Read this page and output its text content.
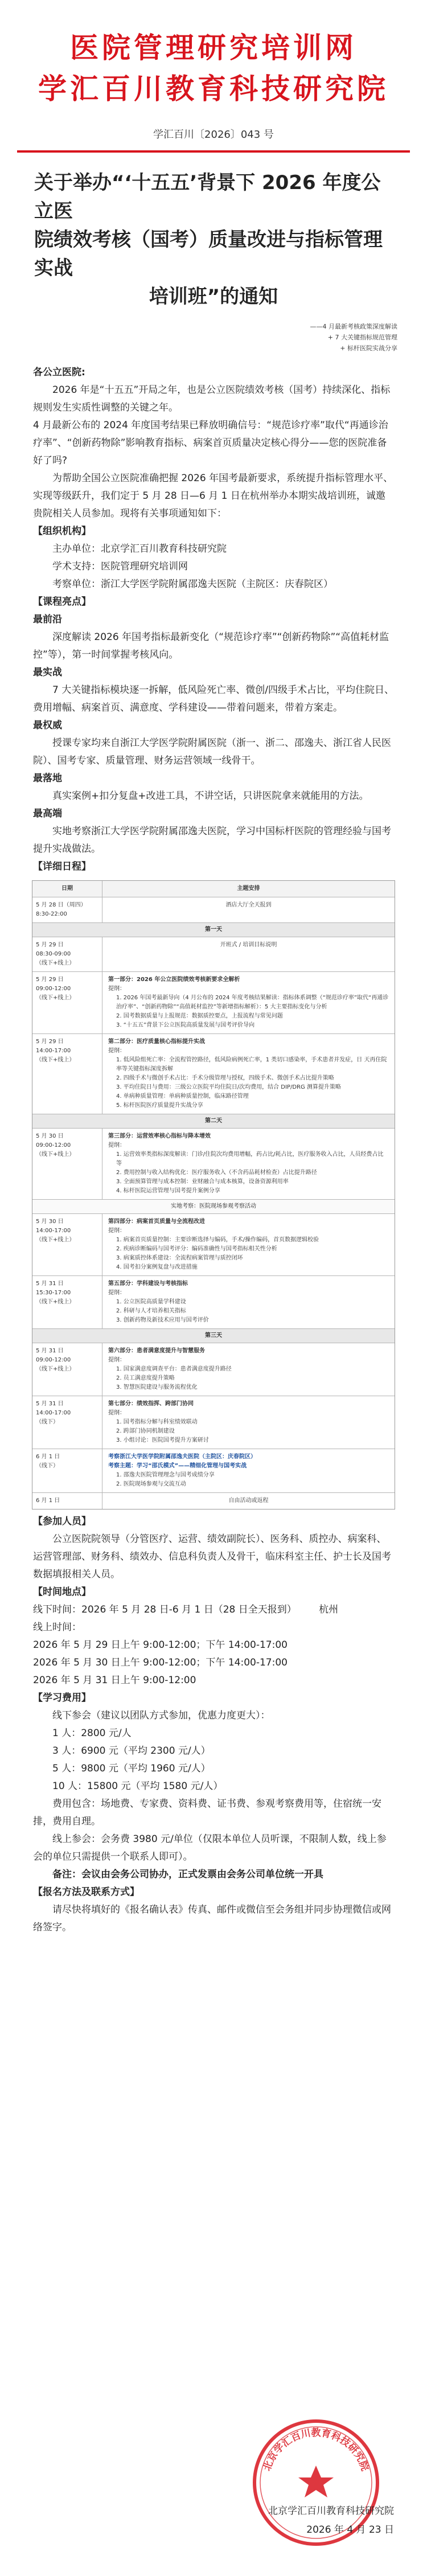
医院管理研究培训网
学汇百川教育科技研究院
学汇百川〔2026〕043 号
关于举办“‘十五五’背景下 2026 年度公立医
院绩效考核（国考）质量改进与指标管理实战
培训班”的通知
——4 月最新考核政策深度解读
+ 7 大关键指标规范管理
+ 标杆医院实战分享

各公立医院:

2026 年是“十五五”开局之年，也是公立医院绩效考核（国考）持续深化、指标规则发生实质性调整的关键之年。

4 月最新公布的 2024 年度国考结果已释放明确信号：“规范诊疗率”取代“再通诊治疗率”、“创新药物除”影响教育指标、病案首页质量决定核心得分——您的医院准备好了吗?

为帮助全国公立医院准确把握 2026 年国考最新要求，系统提升指标管理水平、实现等级跃升，我们定于 5 月 28 日—6 月 1 日在杭州举办本期实战培训班，诚邀贵院相关人员参加。现将有关事项通知如下：

【组织机构】

主办单位：北京学汇百川教育科技研究院

学术支持：医院管理研究培训网

考察单位：浙江大学医学院附属邵逸夫医院（主院区：庆春院区）

【课程亮点】

最前沿

深度解读 2026 年国考指标最新变化（“规范诊疗率”“创新药物除”“高值耗材监控”等），第一时间掌握考核风向。

最实战

7 大关键指标模块逐一拆解，低风险死亡率、微创/四级手术占比，平均住院日、费用增幅、病案首页、满意度、学科建设——带着问题来，带着方案走。

最权威

授课专家均来自浙江大学医学院附属医院（浙一、浙二、邵逸夫、浙江省人民医院）、国考专家、质量管理、财务运营领域一线骨干。

最落地

真实案例+扣分复盘+改进工具，不讲空话，只讲医院拿来就能用的方法。

最高端

实地考察浙江大学医学院附属邵逸夫医院，学习中国标杆医院的管理经验与国考提升实战做法。

【详细日程】

日期	主题安排
5 月 28 日（周四）
8:30-22:00
酒店大厅全天报到
第一天
5 月 29 日
08:30-09:00
（线下+线上）
开班式 / 培训目标说明
5 月 29 日
09:00-12:00
（线下+线上）
第一部分：2026 年公立医院绩效考核新要求全解析
提纲：
1. 2026 年国考最新导向（4 月公布的 2024 年度考核结果解读：指标体系调整（“规范诊疗率”取代“再通诊治疗率”、“创新药物除”“高值耗材监控”等新增指标解析）：5 大主要指标变化与分析
2. 国考数据质量与上报规范：数据质控要点，上报流程与常见问题
3. “十五五”背景下公立医院高质量发展与国考评价导向
5 月 29 日
14:00-17:00
（线下+线上）
第二部分：医疗质量核心指标提升实战
提纲：
1. 低风险组死亡率：全流程管控路径，低风险病例死亡率，1 类切口感染率，手术患者并发症，日 天再住院率等关键指标深度拆解
2. 四级手术与微创手术占比：手术分级管理与授权，四级手术、微创手术占比提升策略
3. 平均住院日与费用：三级公立医院平均住院日/次均费用，结合 DIP/DRG 测算提升策略
4. 单病种质量管理：单病种质量控制，临床路径管理
5. 标杆医院医疗质量提升实战分享
第二天
5 月 30 日
09:00-12:00
（线下+线上）
第三部分：运营效率核心指标与降本增效
提纲：
1. 运营效率类指标深度解读：门诊/住院次均费用增幅，药占比/耗占比，医疗服务收入占比，人员经费占比等
2. 费用控制与收入结构优化：医疗服务收入（不含药品耗材检查）占比提升路径
3. 全面预算管理与成本控制：业财融合与成本核算，设备资源利用率
4. 标杆医院运营管理与国考提升案例分享
实地考察：医院现场参观考察活动
5 月 30 日
14:00-17:00
（线下+线上）
第四部分：病案首页质量与全流程改进
提纲：
1. 病案首页质量控制：主要诊断选择与编码，手术/操作编码，首页数据逻辑校验
2. 疾病诊断编码与国考评分：编码准确性与国考指标相关性分析
3. 病案质控体系建设：全流程病案管理与质控闭环
4. 国考扣分案例复盘与改进措施
5 月 31 日
15:30-17:00
（线下+线上）
第五部分：学科建设与考核指标
提纲：
1. 公立医院高质量学科建设
2. 科研与人才培养相关指标
3. 创新药物及新技术应用与国考评价
第三天
5 月 31 日
09:00-12:00
（线下+线上）
第六部分：患者满意度提升与智慧服务
提纲：
1. 国家满意度调查平台：患者满意度提升路径
2. 员工满意度提升策略
3. 智慧医院建设与服务流程优化
5 月 31 日
14:00-17:00
（线下）
第七部分：绩效指挥、跨部门协同
提纲：
1. 国考指标分解与科室绩效联动
2. 跨部门协同机制建设
3. 小组讨论：医院国考提升方案研讨
6 月 1 日
（线下）
考察浙江大学医学院附属邵逸夫医院（主院区：庆春院区）
考察主题：学习“邵氏模式”——精细化管理与国考实战
1. 邵逸夫医院管理理念与国考成绩分享
2. 医院现场参观与交流互动
6 月 1 日	自由活动或返程

【参加人员】

公立医院院领导（分管医疗、运营、绩效副院长）、医务科、质控办、病案科、运营管理部、财务科、绩效办、信息科负责人及骨干，临床科室主任、护士长及国考数据填报相关人员。

【时间地点】

线下时间：2026 年 5 月 28 日-6 月 1 日（28 日全天报到） 杭州

线上时间：

2026 年 5 月 29 日上午 9:00-12:00；下午 14:00-17:00

2026 年 5 月 30 日上午 9:00-12:00；下午 14:00-17:00

2026 年 5 月 31 日上午 9:00-12:00

【学习费用】

线下参会（建议以团队方式参加，优惠力度更大）：

1 人：2800 元/人

3 人：6900 元（平均 2300 元/人）

5 人：9800 元（平均 1960 元/人）

10 人：15800 元（平均 1580 元/人）

费用包含：场地费、专家费、资料费、证书费、参观考察费用等，住宿统一安排，费用自理。

线上参会：会务费 3980 元/单位（仅限本单位人员听课，不限制人数，线上参会的单位只需提供一个联系人即可）。

备注：会议由会务公司协办，正式发票由会务公司单位统一开具

【报名方法及联系方式】

请尽快将填好的《报名确认表》传真、邮件或微信至会务组并同步协理微信或网络签字。

北京学汇百川教育科技研究院
北京学汇百川教育科技研究院
2026 年 4 月 23 日
